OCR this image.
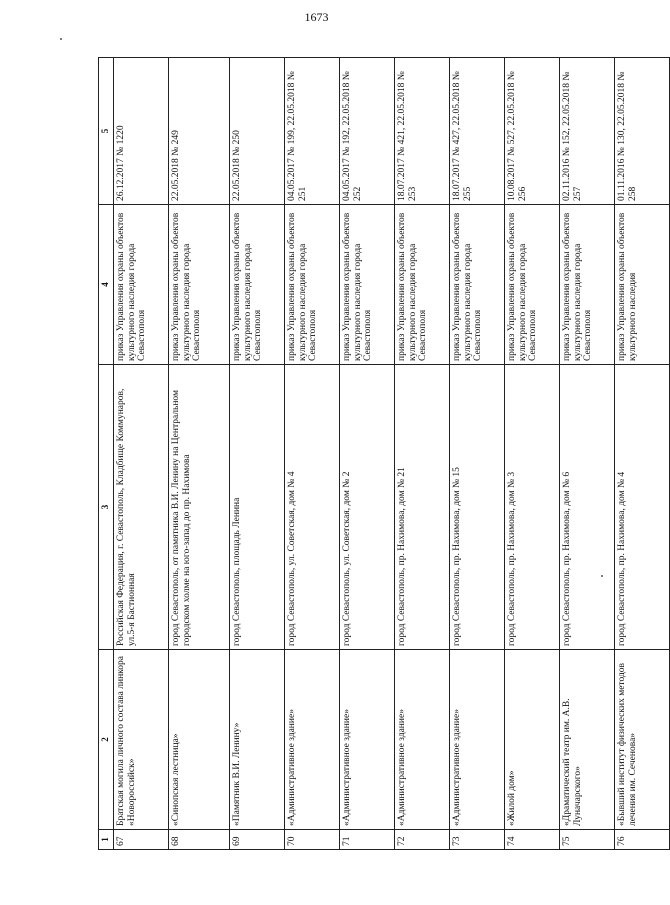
1673
1	2	3	4	5
67	Братская могила личного состава линкора «Новороссийск»	Российская Федерация, г. Севастополь, Кладбище Коммунаров, ул.5-я Бастионная	приказ Управления охраны объектов культурного наследия города Севастополя	26.12.2017 № 1220
68	«Синопская лестница»	город Севастополь, от памятника В.И. Ленину на Центральном городском холме на юго-запад до пр. Нахимова	приказ Управления охраны объектов культурного наследия города Севастополя	22.05.2018 № 249
69	«Памятник В.И. Ленину»	город Севастополь, площадь Ленина	приказ Управления охраны объектов культурного наследия города Севастополя	22.05.2018 № 250
70	«Административное здание»	город Севастополь, ул. Советская, дом № 4	приказ Управления охраны объектов культурного наследия города Севастополя	04.05.2017 № 199, 22.05.2018 № 251
71	«Административное здание»	город Севастополь, ул. Советская, дом № 2	приказ Управления охраны объектов культурного наследия города Севастополя	04.05.2017 № 192, 22.05.2018 № 252
72	«Административное здание»	город Севастополь, пр. Нахимова, дом № 21	приказ Управления охраны объектов культурного наследия города Севастополя	18.07.2017 № 421, 22.05.2018 № 253
73	«Административное здание»	город Севастополь, пр. Нахимова, дом № 15	приказ Управления охраны объектов культурного наследия города Севастополя	18.07.2017 № 427, 22.05.2018 № 255
74	«Жилой дом»	город Севастополь, пр. Нахимова, дом № 3	приказ Управления охраны объектов культурного наследия города Севастополя	10.08.2017 № 527, 22.05.2018 № 256
75	«Драматический театр им. А.В. Луначарского»	город Севастополь, пр. Нахимова, дом № 6	приказ Управления охраны объектов культурного наследия города Севастополя	02.11.2016 № 152, 22.05.2018 № 257
76	«Бывший институт физических методов лечения им. Сеченова»	город Севастополь, пр. Нахимова, дом № 4	приказ Управления охраны объектов культурного наследия	01.11.2016 № 130, 22.05.2018 № 258
